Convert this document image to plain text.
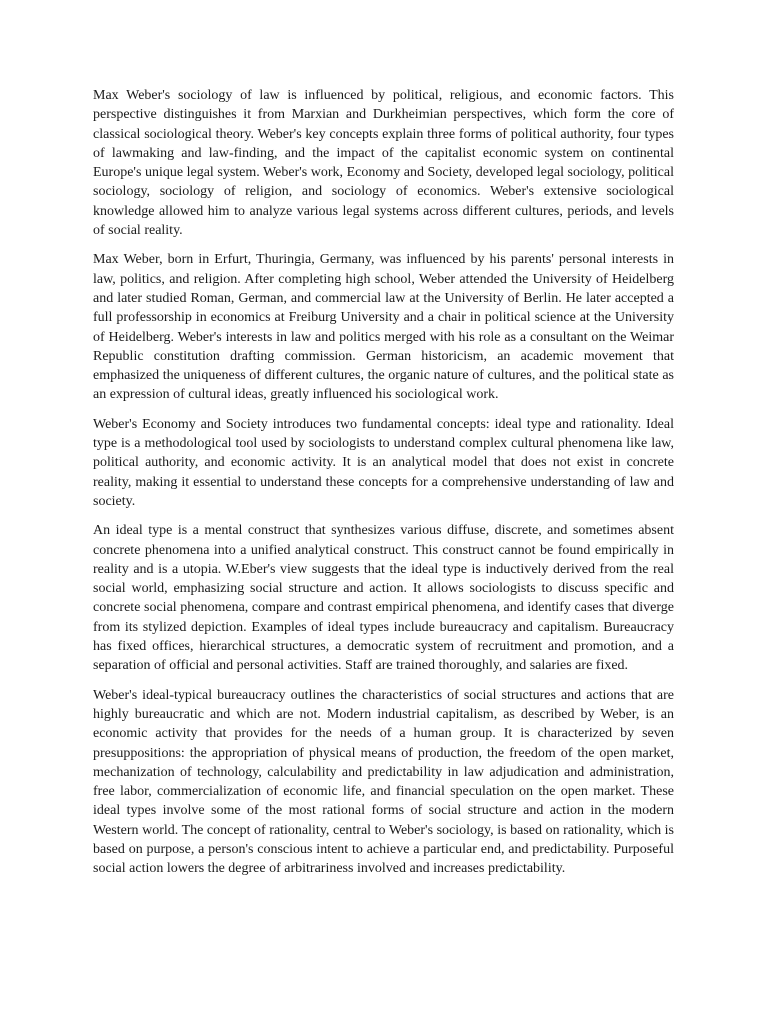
Max Weber's sociology of law is influenced by political, religious, and economic factors. This perspective distinguishes it from Marxian and Durkheimian perspectives, which form the core of classical sociological theory. Weber's key concepts explain three forms of political authority, four types of lawmaking and law-finding, and the impact of the capitalist economic system on continental Europe's unique legal system. Weber's work, Economy and Society, developed legal sociology, political sociology, sociology of religion, and sociology of economics. Weber's extensive sociological knowledge allowed him to analyze various legal systems across different cultures, periods, and levels of social reality.

Max Weber, born in Erfurt, Thuringia, Germany, was influenced by his parents' personal interests in law, politics, and religion. After completing high school, Weber attended the University of Heidelberg and later studied Roman, German, and commercial law at the University of Berlin. He later accepted a full professorship in economics at Freiburg University and a chair in political science at the University of Heidelberg. Weber's interests in law and politics merged with his role as a consultant on the Weimar Republic constitution drafting commission. German historicism, an academic movement that emphasized the uniqueness of different cultures, the organic nature of cultures, and the political state as an expression of cultural ideas, greatly influenced his sociological work.

Weber's Economy and Society introduces two fundamental concepts: ideal type and rationality. Ideal type is a methodological tool used by sociologists to understand complex cultural phenomena like law, political authority, and economic activity. It is an analytical model that does not exist in concrete reality, making it essential to understand these concepts for a comprehensive understanding of law and society.

An ideal type is a mental construct that synthesizes various diffuse, discrete, and sometimes absent concrete phenomena into a unified analytical construct. This construct cannot be found empirically in reality and is a utopia. W.Eber's view suggests that the ideal type is inductively derived from the real social world, emphasizing social structure and action. It allows sociologists to discuss specific and concrete social phenomena, compare and contrast empirical phenomena, and identify cases that diverge from its stylized depiction. Examples of ideal types include bureaucracy and capitalism. Bureaucracy has fixed offices, hierarchical structures, a democratic system of recruitment and promotion, and a separation of official and personal activities. Staff are trained thoroughly, and salaries are fixed.

Weber's ideal-typical bureaucracy outlines the characteristics of social structures and actions that are highly bureaucratic and which are not. Modern industrial capitalism, as described by Weber, is an economic activity that provides for the needs of a human group. It is characterized by seven presuppositions: the appropriation of physical means of production, the freedom of the open market, mechanization of technology, calculability and predictability in law adjudication and administration, free labor, commercialization of economic life, and financial speculation on the open market. These ideal types involve some of the most rational forms of social structure and action in the modern Western world. The concept of rationality, central to Weber's sociology, is based on rationality, which is based on purpose, a person's conscious intent to achieve a particular end, and predictability. Purposeful social action lowers the degree of arbitrariness involved and increases predictability.
